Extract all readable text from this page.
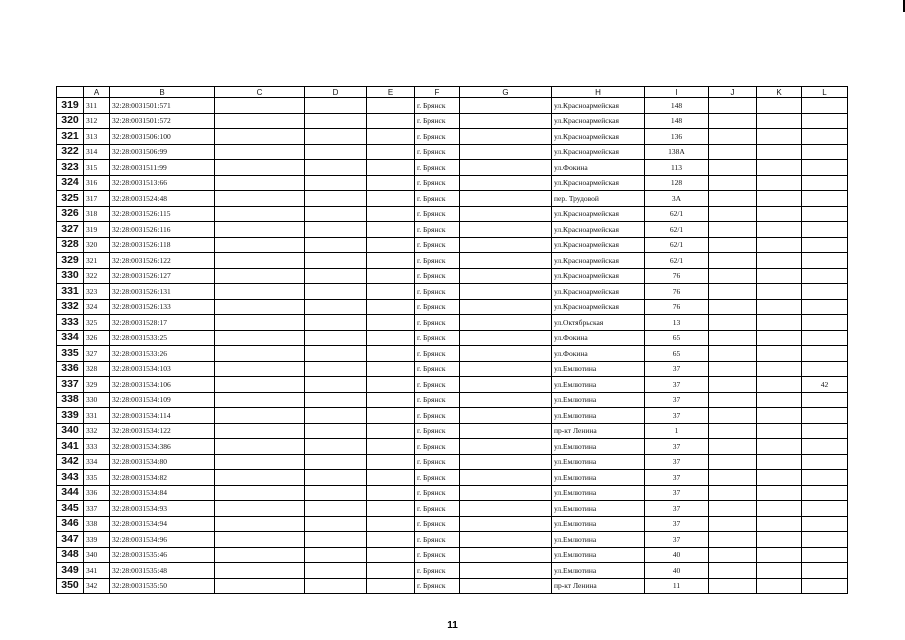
	A	B	C	D	E	F	G	H	I	J	K	L
319	311	32:28:0031501:571				г. Брянск		ул.Красноармейская	148			
320	312	32:28:0031501:572				г. Брянск		ул.Красноармейская	148			
321	313	32:28:0031506:100				г. Брянск		ул.Красноармейская	136			
322	314	32:28:0031506:99				г. Брянск		ул.Красноармейская	138А			
323	315	32:28:0031511:99				г. Брянск		ул.Фокина	113			
324	316	32:28:0031513:66				г. Брянск		ул.Красноармейская	128			
325	317	32:28:0031524:48				г. Брянск		пер. Трудовой	3А			
326	318	32:28:0031526:115				г. Брянск		ул.Красноармейская	62/1			
327	319	32:28:0031526:116				г. Брянск		ул.Красноармейская	62/1			
328	320	32:28:0031526:118				г. Брянск		ул.Красноармейская	62/1			
329	321	32:28:0031526:122				г. Брянск		ул.Красноармейская	62/1			
330	322	32:28:0031526:127				г. Брянск		ул.Красноармейская	76			
331	323	32:28:0031526:131				г. Брянск		ул.Красноармейская	76			
332	324	32:28:0031526:133				г. Брянск		ул.Красноармейская	76			
333	325	32:28:0031528:17				г. Брянск		ул.Октябрьская	13			
334	326	32:28:0031533:25				г. Брянск		ул.Фокина	65			
335	327	32:28:0031533:26				г. Брянск		ул.Фокина	65			
336	328	32:28:0031534:103				г. Брянск		ул.Емлютина	37			
337	329	32:28:0031534:106				г. Брянск		ул.Емлютина	37			42
338	330	32:28:0031534:109				г. Брянск		ул.Емлютина	37			
339	331	32:28:0031534:114				г. Брянск		ул.Емлютина	37			
340	332	32:28:0031534:122				г. Брянск		пр-кт Ленина	1			
341	333	32:28:0031534:386				г. Брянск		ул.Емлютина	37			
342	334	32:28:0031534:80				г. Брянск		ул.Емлютина	37			
343	335	32:28:0031534:82				г. Брянск		ул.Емлютина	37			
344	336	32:28:0031534:84				г. Брянск		ул.Емлютина	37			
345	337	32:28:0031534:93				г. Брянск		ул.Емлютина	37			
346	338	32:28:0031534:94				г. Брянск		ул.Емлютина	37			
347	339	32:28:0031534:96				г. Брянск		ул.Емлютина	37			
348	340	32:28:0031535:46				г. Брянск		ул.Емлютина	40			
349	341	32:28:0031535:48				г. Брянск		ул.Емлютина	40			
350	342	32:28:0031535:50				г. Брянск		пр-кт Ленина	11			
11
